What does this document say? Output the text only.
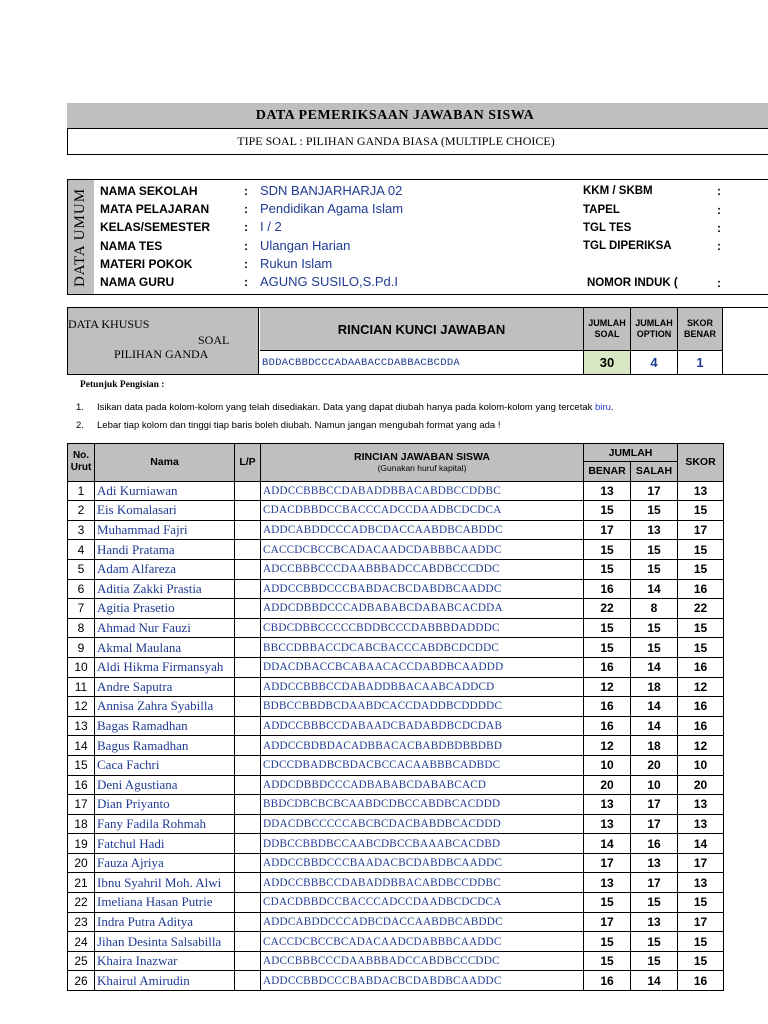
DATA PEMERIKSAAN JAWABAN SISWA
TIPE SOAL : PILIHAN GANDA BIASA (MULTIPLE CHOICE)
DATA UMUM NAMA SEKOLAH	: SDN BANJARHARJA 02
MATA PELAJARAN	: Pendidikan Agama Islam
KELAS/SEMESTER	: I / 2
NAMA TES	: Ulangan Harian
MATERI POKOK	: Rukun Islam
NAMA GURU	: AGUNG SUSILO,S.Pd.I
KKM / SKBM	:
TAPEL	:
TGL TES	:
TGL DIPERIKSA	:
NOMOR INDUK (	:
DATA KHUSUS
SOAL
PILIHAN GANDA
RINCIAN KUNCI JAWABAN
BDDACBBDCCCADAABACCDABBACBCDDA
JUMLAH SOAL
JUMLAH OPTION
SKOR BENAR
30	4	1
Petunjuk Pengisian :
1. Isikan data pada kolom-kolom yang telah disediakan. Data yang dapat diubah hanya pada kolom-kolom yang tercetak biru.
2. Lebar tiap kolom dan tinggi tiap baris boleh diubah. Namun jangan mengubah format yang ada !
No. Urut	Nama	L/P	RINCIAN JAWABAN SISWA
(Gunakan huruf kapital)	JUMLAH		SKOR
				BENAR	SALAH	
1	Adi Kurniawan		ADDCCBBBCCDABADDBBACABDBCCDDBC	13	17	13
2	Eis Komalasari		CDACDBBDCCBACCCADCCDAADBCDCDCA	15	15	15
3	Muhammad Fajri		ADDCABDDCCCADBCDACCAABDBCABDDC	17	13	17
4	Handi Pratama		CACCDCBCCBCADACAADCDABBBCAADDC	15	15	15
5	Adam Alfareza		ADCCBBBCCCDAABBBADCCABDBCCCDDC	15	15	15
6	Aditia Zakki Prastia		ADDCCBBDCCCBABDACBCDABDBCAADDC	16	14	16
7	Agitia Prasetio		ADDCDBBDCCCADBABABCDABABCACDDA	22	8	22
8	Ahmad Nur Fauzi		CBDCDBBCCCCCBDDBCCCDABBBDADDDC	15	15	15
9	Akmal Maulana		BBCCDBBACCDCABCBACCCABDBCDCDDC	15	15	15
10	Aldi Hikma Firmansyah		DDACDBACCBCABAACACCDABDBCAADDD	16	14	16
11	Andre Saputra		ADDCCBBBCCDABADDBBACAABCADDCD	12	18	12
12	Annisa Zahra Syabilla		BDBCCBBDBCDAABDCACCDADDBCDDDDC	16	14	16
13	Bagas Ramadhan		ADDCCBBBCCDABAADCBADABDBCDCDAB	16	14	16
14	Bagus Ramadhan		ADDCCBDBDACADBBACACBABDBDBBDBD	12	18	12
15	Caca Fachri		CDCCDBADBCBDACBCCACAABBBCADBDC	10	20	10
16	Deni Agustiana		ADDCDBBDCCCADBABABCDABABCACD	20	10	20
17	Dian Priyanto		BBDCDBCBCBCAABDCDBCCABDBCACDDD	13	17	13
18	Fany Fadila Rohmah		DDACDBCCCCCABCBCDACBABDBCACDDD	13	17	13
19	Fatchul Hadi		DDBCCBBDBCCAABCDBCCBAAABCACDBD	14	16	14
20	Fauza Ajriya		ADDCCBBDCCCBAADACBCDABDBCAADDC	17	13	17
21	Ibnu Syahril Moh. Alwi		ADDCCBBBCCDABADDBBACABDBCCDDBC	13	17	13
22	Imeliana Hasan Putrie		CDACDBBDCCBACCCADCCDAADBCDCDCA	15	15	15
23	Indra Putra Aditya		ADDCABDDCCCADBCDACCAABDBCABDDC	17	13	17
24	Jihan Desinta Salsabilla		CACCDCBCCBCADACAADCDABBBCAADDC	15	15	15
25	Khaira Inazwar		ADCCBBBCCCDAABBBADCCABDBCCCDDC	15	15	15
26	Khairul Amirudin		ADDCCBBDCCCBABDACBCDABDBCAADDC	16	14	16
